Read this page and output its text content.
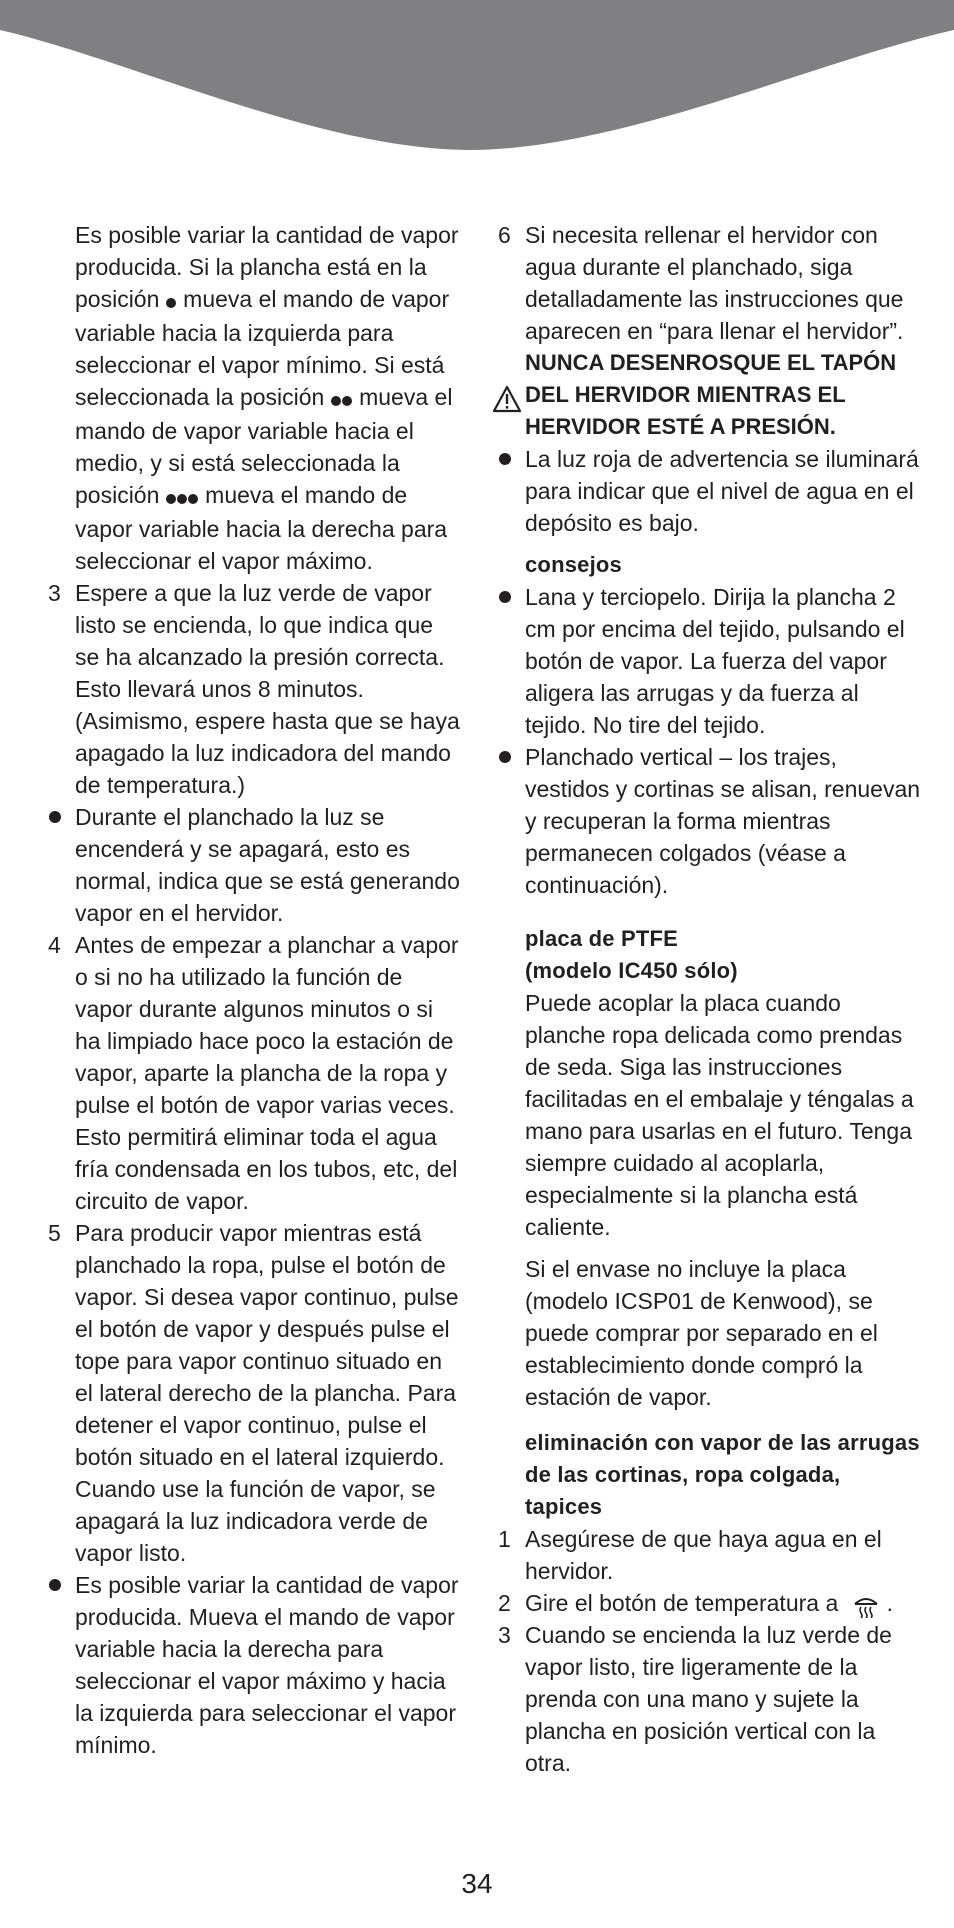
Es posible variar la cantidad de vapor producida. Si la plancha está en la posición mueva el mando de vapor variable hacia la izquierda para seleccionar el vapor mínimo. Si está seleccionada la posición mueva el mando de vapor variable hacia el medio, y si está seleccionada la posición mueva el mando de vapor variable hacia la derecha para seleccionar el vapor máximo.
3 Espere a que la luz verde de vapor listo se encienda, lo que indica que se ha alcanzado la presión correcta. Esto llevará unos 8 minutos. (Asimismo, espere hasta que se haya apagado la luz indicadora del mando de temperatura.)
Durante el planchado la luz se encenderá y se apagará, esto es normal, indica que se está generando vapor en el hervidor.
4 Antes de empezar a planchar a vapor o si no ha utilizado la función de vapor durante algunos minutos o si ha limpiado hace poco la estación de vapor, aparte la plancha de la ropa y pulse el botón de vapor varias veces. Esto permitirá eliminar toda el agua fría condensada en los tubos, etc, del circuito de vapor.
5 Para producir vapor mientras está planchado la ropa, pulse el botón de vapor. Si desea vapor continuo, pulse el botón de vapor y después pulse el tope para vapor continuo situado en el lateral derecho de la plancha. Para detener el vapor continuo, pulse el botón situado en el lateral izquierdo.
Cuando use la función de vapor, se apagará la luz indicadora verde de vapor listo.
Es posible variar la cantidad de vapor producida. Mueva el mando de vapor variable hacia la derecha para seleccionar el vapor máximo y hacia la izquierda para seleccionar el vapor mínimo.
6 Si necesita rellenar el hervidor con agua durante el planchado, siga detalladamente las instrucciones que aparecen en “para llenar el hervidor”.
NUNCA DESENROSQUE EL TAPÓN DEL HERVIDOR MIENTRAS EL HERVIDOR ESTÉ A PRESIÓN.
La luz roja de advertencia se iluminará para indicar que el nivel de agua en el depósito es bajo.
consejos
Lana y terciopelo. Dirija la plancha 2 cm por encima del tejido, pulsando el botón de vapor. La fuerza del vapor aligera las arrugas y da fuerza al tejido. No tire del tejido.
Planchado vertical – los trajes, vestidos y cortinas se alisan, renuevan y recuperan la forma mientras permanecen colgados (véase a continuación).
placa de PTFE
(modelo IC450 sólo)
Puede acoplar la placa cuando planche ropa delicada como prendas de seda. Siga las instrucciones facilitadas en el embalaje y téngalas a mano para usarlas en el futuro. Tenga siempre cuidado al acoplarla, especialmente si la plancha está caliente.
Si el envase no incluye la placa (modelo ICSP01 de Kenwood), se puede comprar por separado en el establecimiento donde compró la estación de vapor.
eliminación con vapor de las arrugas de las cortinas, ropa colgada, tapices
1 Asegúrese de que haya agua en el hervidor.
2 Gire el botón de temperatura a .
3 Cuando se encienda la luz verde de vapor listo, tire ligeramente de la prenda con una mano y sujete la plancha en posición vertical con la otra.
34
